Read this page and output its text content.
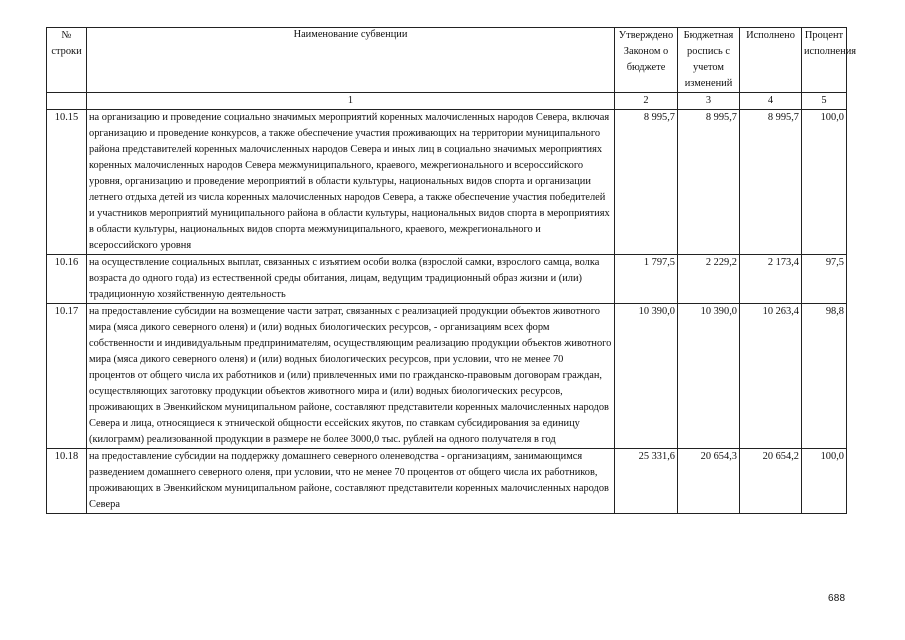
№ строки	Наименование субвенции	Утверждено Законом о бюджете	Бюджетная роспись с учетом изменений	Исполнено	Процент исполнения
	1	2	3	4	5
10.15	на организацию и проведение социально значимых мероприятий коренных малочисленных народов Севера, включая организацию и проведение конкурсов, а также обеспечение участия проживающих на территории муниципального района представителей коренных малочисленных народов Севера и иных лиц в социально значимых мероприятиях коренных малочисленных народов Севера межмуниципального, краевого, межрегионального и всероссийского уровня, организацию и проведение мероприятий в области культуры, национальных видов спорта и организации летнего отдыха детей из числа коренных малочисленных народов Севера, а также обеспечение участия победителей и участников мероприятий муниципального района в области культуры, национальных видов спорта в мероприятиях в области культуры, национальных видов спорта межмуниципального, краевого, межрегионального и всероссийского уровня	8 995,7	8 995,7	8 995,7	100,0
10.16	на осуществление социальных выплат, связанных с изъятием особи волка (взрослой самки, взрослого самца, волка возраста до одного года) из естественной среды обитания, лицам, ведущим традиционный образ жизни и (или) традиционную хозяйственную деятельность	1 797,5	2 229,2	2 173,4	97,5
10.17	на предоставление субсидии на возмещение части затрат, связанных с реализацией продукции объектов животного мира (мяса дикого северного оленя) и (или) водных биологических ресурсов, - организациям всех форм собственности и индивидуальным предпринимателям, осуществляющим реализацию продукции объектов животного мира (мяса дикого северного оленя) и (или) водных биологических ресурсов, при условии, что не менее 70 процентов от общего числа их работников и (или) привлеченных ими по гражданско-правовым договорам граждан, осуществляющих заготовку продукции объектов животного мира и (или) водных биологических ресурсов, проживающих в Эвенкийском муниципальном районе, составляют представители коренных малочисленных народов Севера и лица, относящиеся к этнической общности ессейских якутов, по ставкам субсидирования за единицу (килограмм) реализованной продукции в размере не более 3000,0 тыс. рублей на одного получателя в год	10 390,0	10 390,0	10 263,4	98,8
10.18	на предоставление субсидии на поддержку домашнего северного оленеводства - организациям, занимающимся разведением домашнего северного оленя, при условии, что не менее 70 процентов от общего числа их работников, проживающих в Эвенкийском муниципальном районе, составляют представители коренных малочисленных народов Севера	25 331,6	20 654,3	20 654,2	100,0
688
